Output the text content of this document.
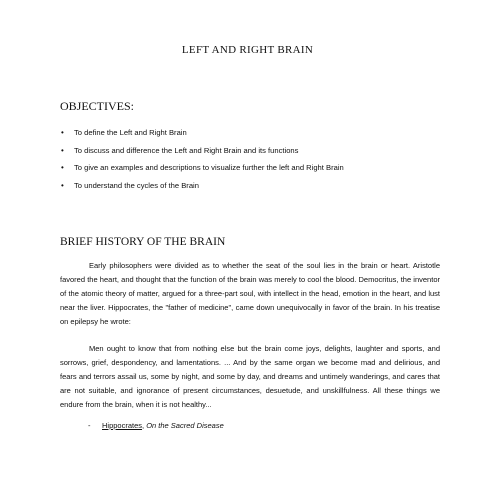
LEFT AND RIGHT BRAIN
OBJECTIVES:
• To define the Left and Right Brain
• To discuss and difference the Left and Right Brain and its functions
• To give an examples and descriptions to visualize further the left and Right Brain
• To understand the cycles of the Brain
BRIEF HISTORY OF THE BRAIN

Early philosophers were divided as to whether the seat of the soul lies in the brain or heart. Aristotle favored the heart, and thought that the function of the brain was merely to cool the blood. Democritus, the inventor of the atomic theory of matter, argued for a three-part soul, with intellect in the head, emotion in the heart, and lust near the liver. Hippocrates, the "father of medicine", came down unequivocally in favor of the brain. In his treatise on epilepsy he wrote:

Men ought to know that from nothing else but the brain come joys, delights, laughter and sports, and sorrows, grief, despondency, and lamentations. ... And by the same organ we become mad and delirious, and fears and terrors assail us, some by night, and some by day, and dreams and untimely wanderings, and cares that are not suitable, and ignorance of present circumstances, desuetude, and unskillfulness. All these things we endure from the brain, when it is not healthy...

- Hippocrates, On the Sacred Disease
